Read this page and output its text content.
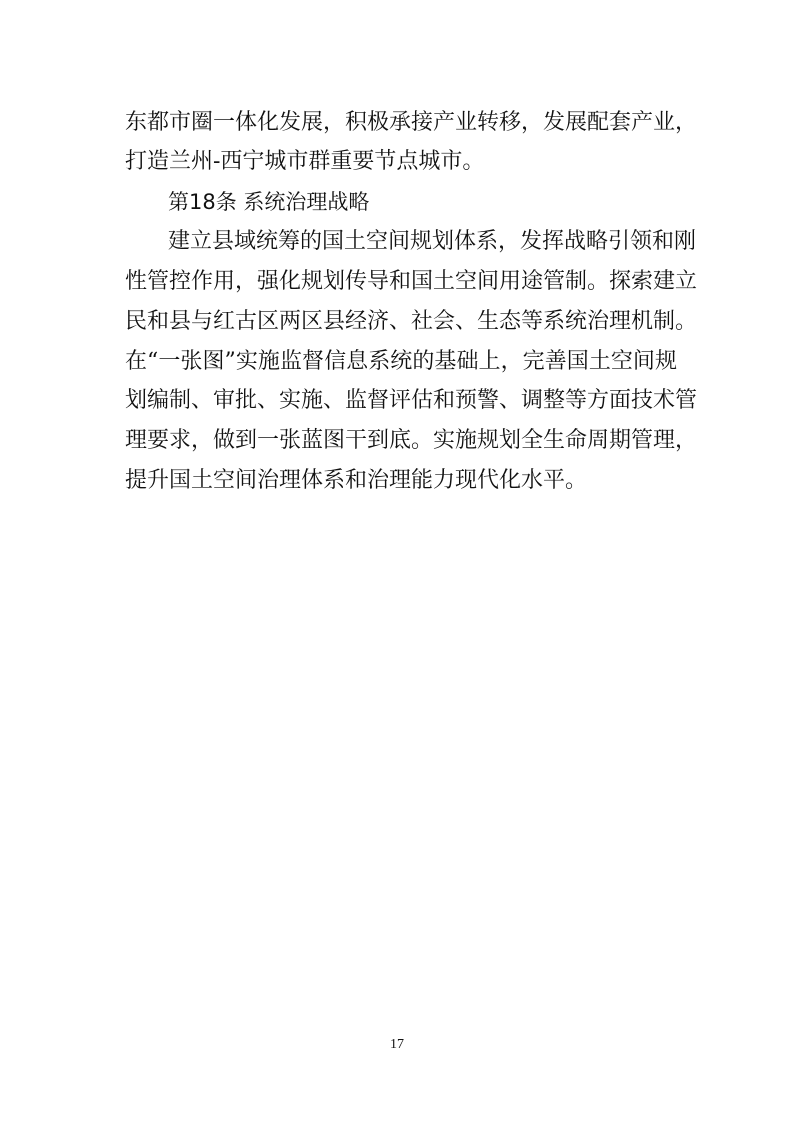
东都市圈一体化发展，积极承接产业转移，发展配套产业，
打造兰州-西宁城市群重要节点城市。
第18条 系统治理战略
建立县域统筹的国土空间规划体系，发挥战略引领和刚
性管控作用，强化规划传导和国土空间用途管制。探索建立
民和县与红古区两区县经济、社会、生态等系统治理机制。
在“一张图”实施监督信息系统的基础上，完善国土空间规
划编制、审批、实施、监督评估和预警、调整等方面技术管
理要求，做到一张蓝图干到底。实施规划全生命周期管理，
提升国土空间治理体系和治理能力现代化水平。
17
